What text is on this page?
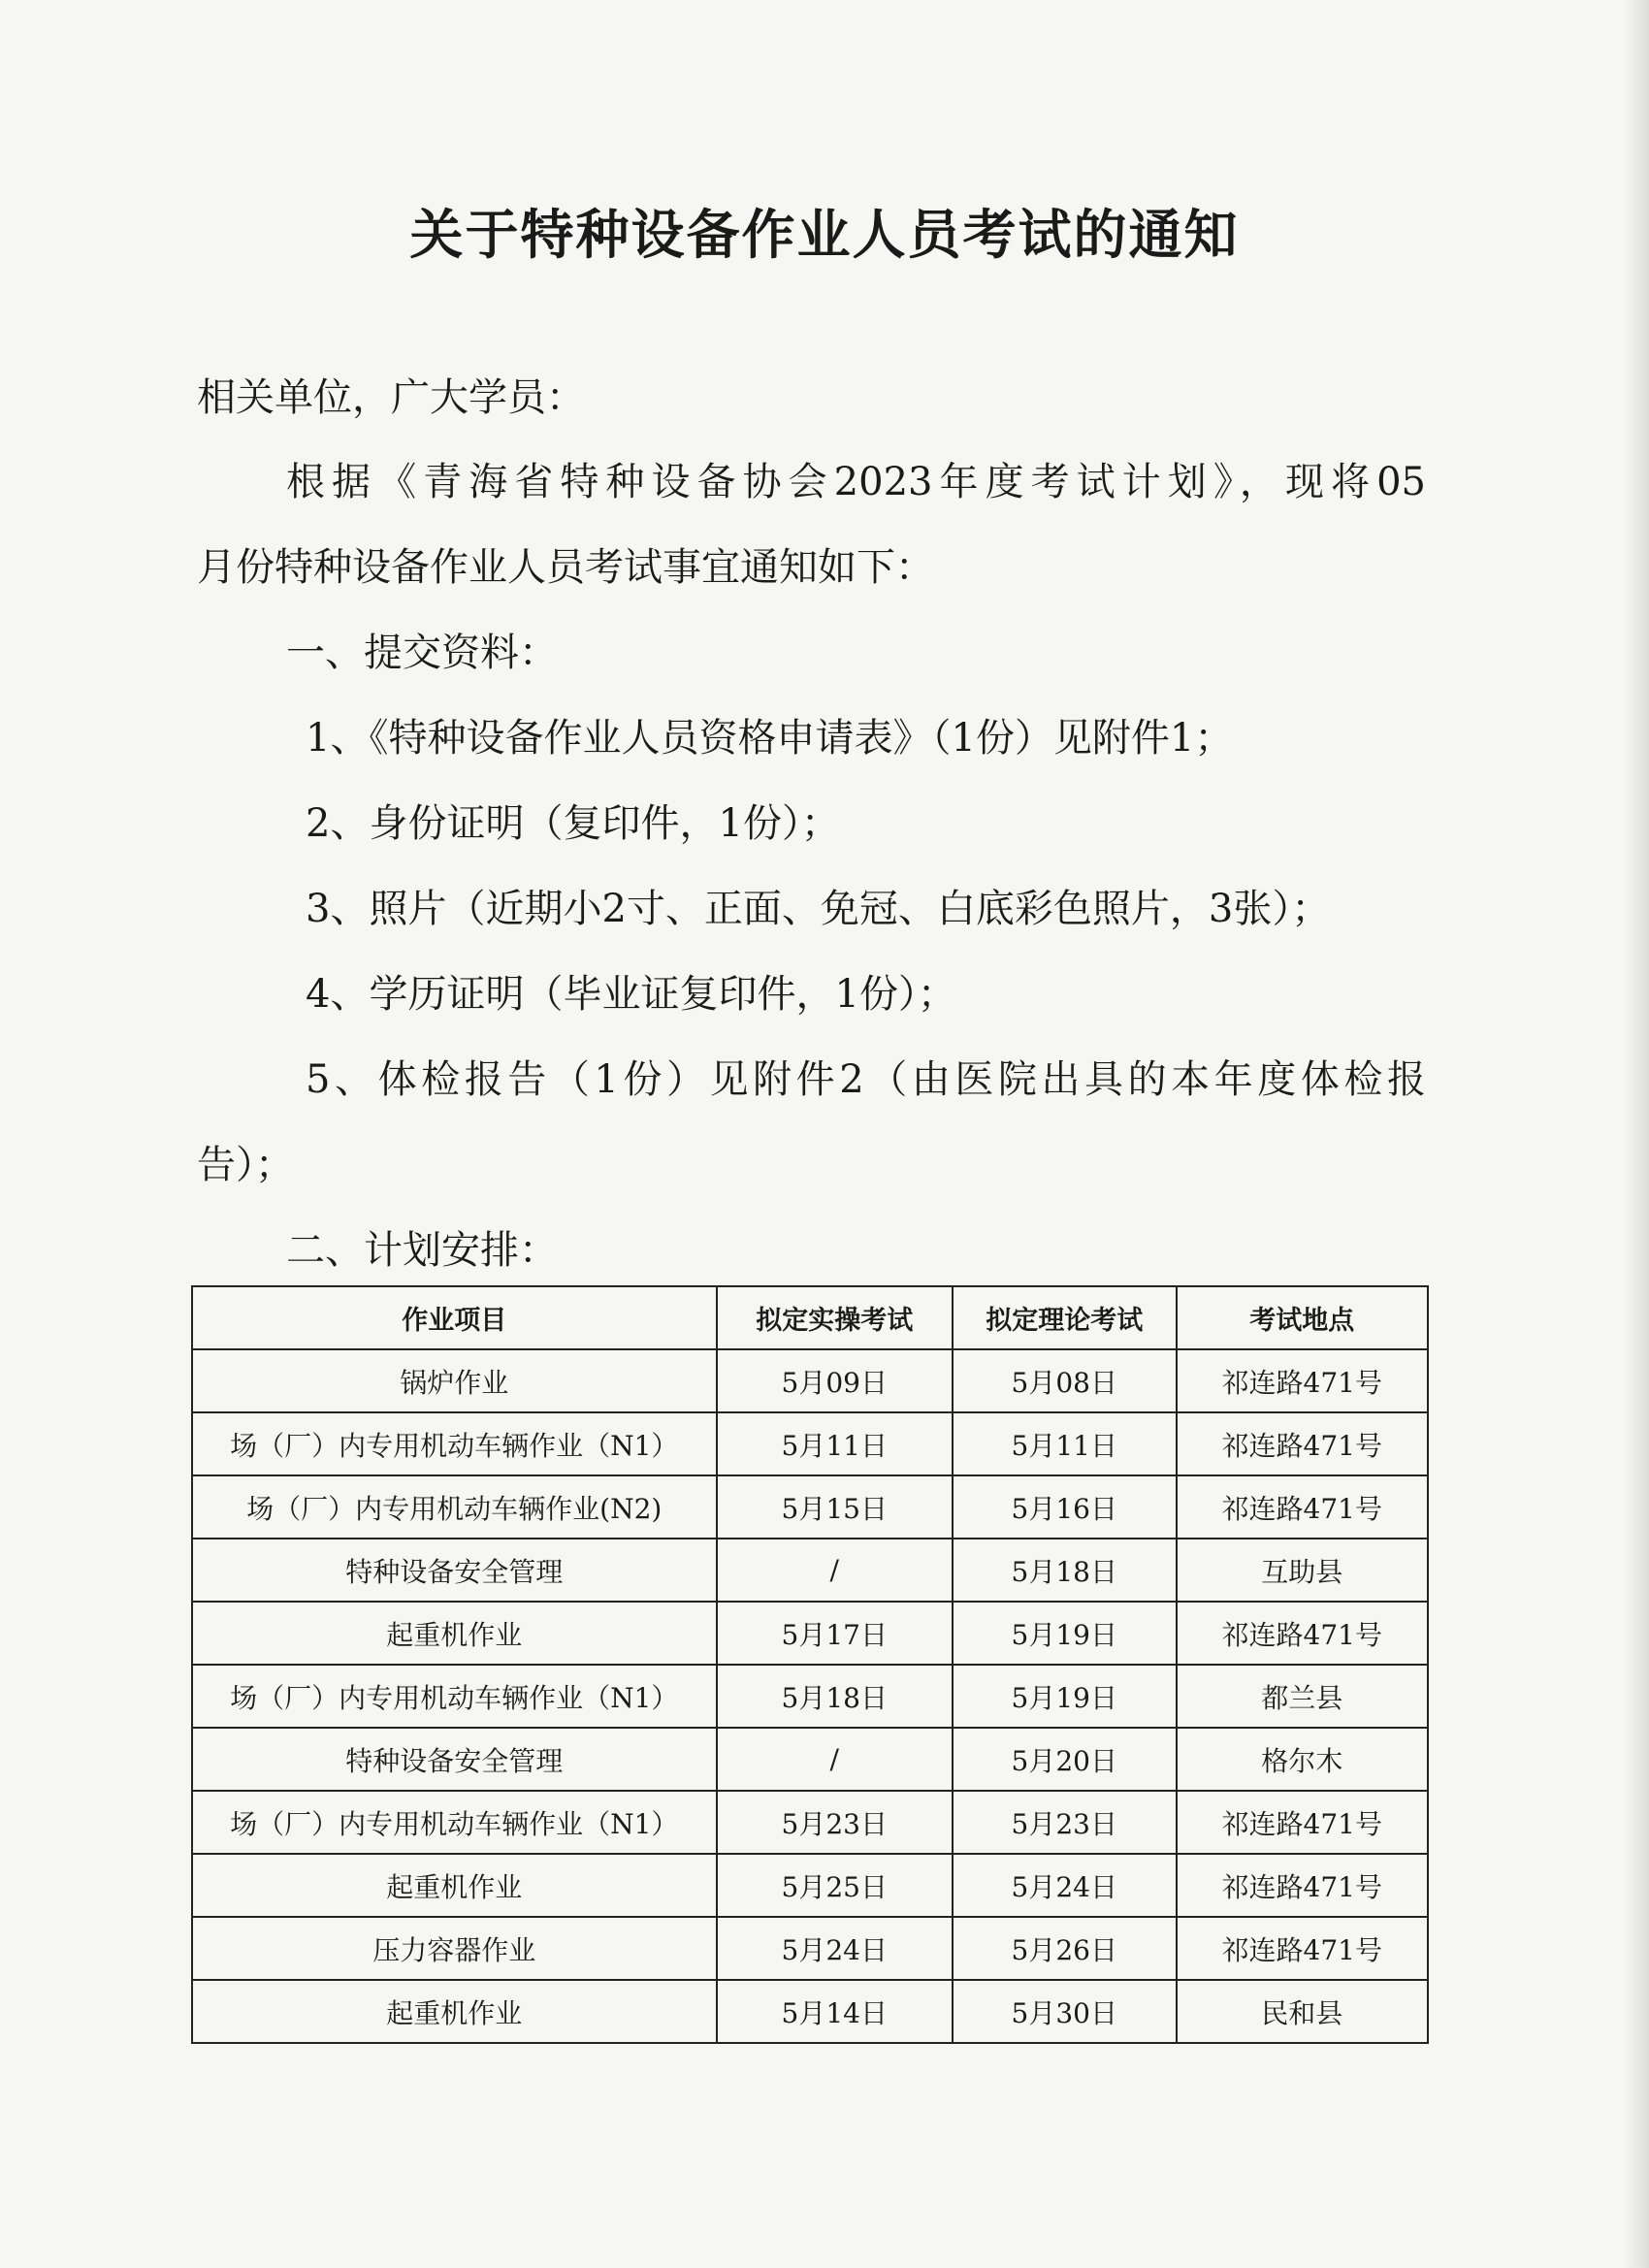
关于特种设备作业人员考试的通知
相关单位，广大学员：
根据《青海省特种设备协会2023年度考试计划》，现将05
月份特种设备作业人员考试事宜通知如下：
一、提交资料：
1、《特种设备作业人员资格申请表》（1份）见附件1；
2、身份证明（复印件，1份）；
3、照片（近期小2寸、正面、免冠、白底彩色照片，3张）；
4、学历证明（毕业证复印件，1份）；
5、体检报告（1份）见附件2（由医院出具的本年度体检报
告）；
二、计划安排：
作业项目	拟定实操考试	拟定理论考试	考试地点
锅炉作业	5月09日	5月08日	祁连路471号
场（厂）内专用机动车辆作业（N1）	5月11日	5月11日	祁连路471号
场（厂）内专用机动车辆作业(N2)	5月15日	5月16日	祁连路471号
特种设备安全管理	/	5月18日	互助县
起重机作业	5月17日	5月19日	祁连路471号
场（厂）内专用机动车辆作业（N1）	5月18日	5月19日	都兰县
特种设备安全管理	/	5月20日	格尔木
场（厂）内专用机动车辆作业（N1）	5月23日	5月23日	祁连路471号
起重机作业	5月25日	5月24日	祁连路471号
压力容器作业	5月24日	5月26日	祁连路471号
起重机作业	5月14日	5月30日	民和县
